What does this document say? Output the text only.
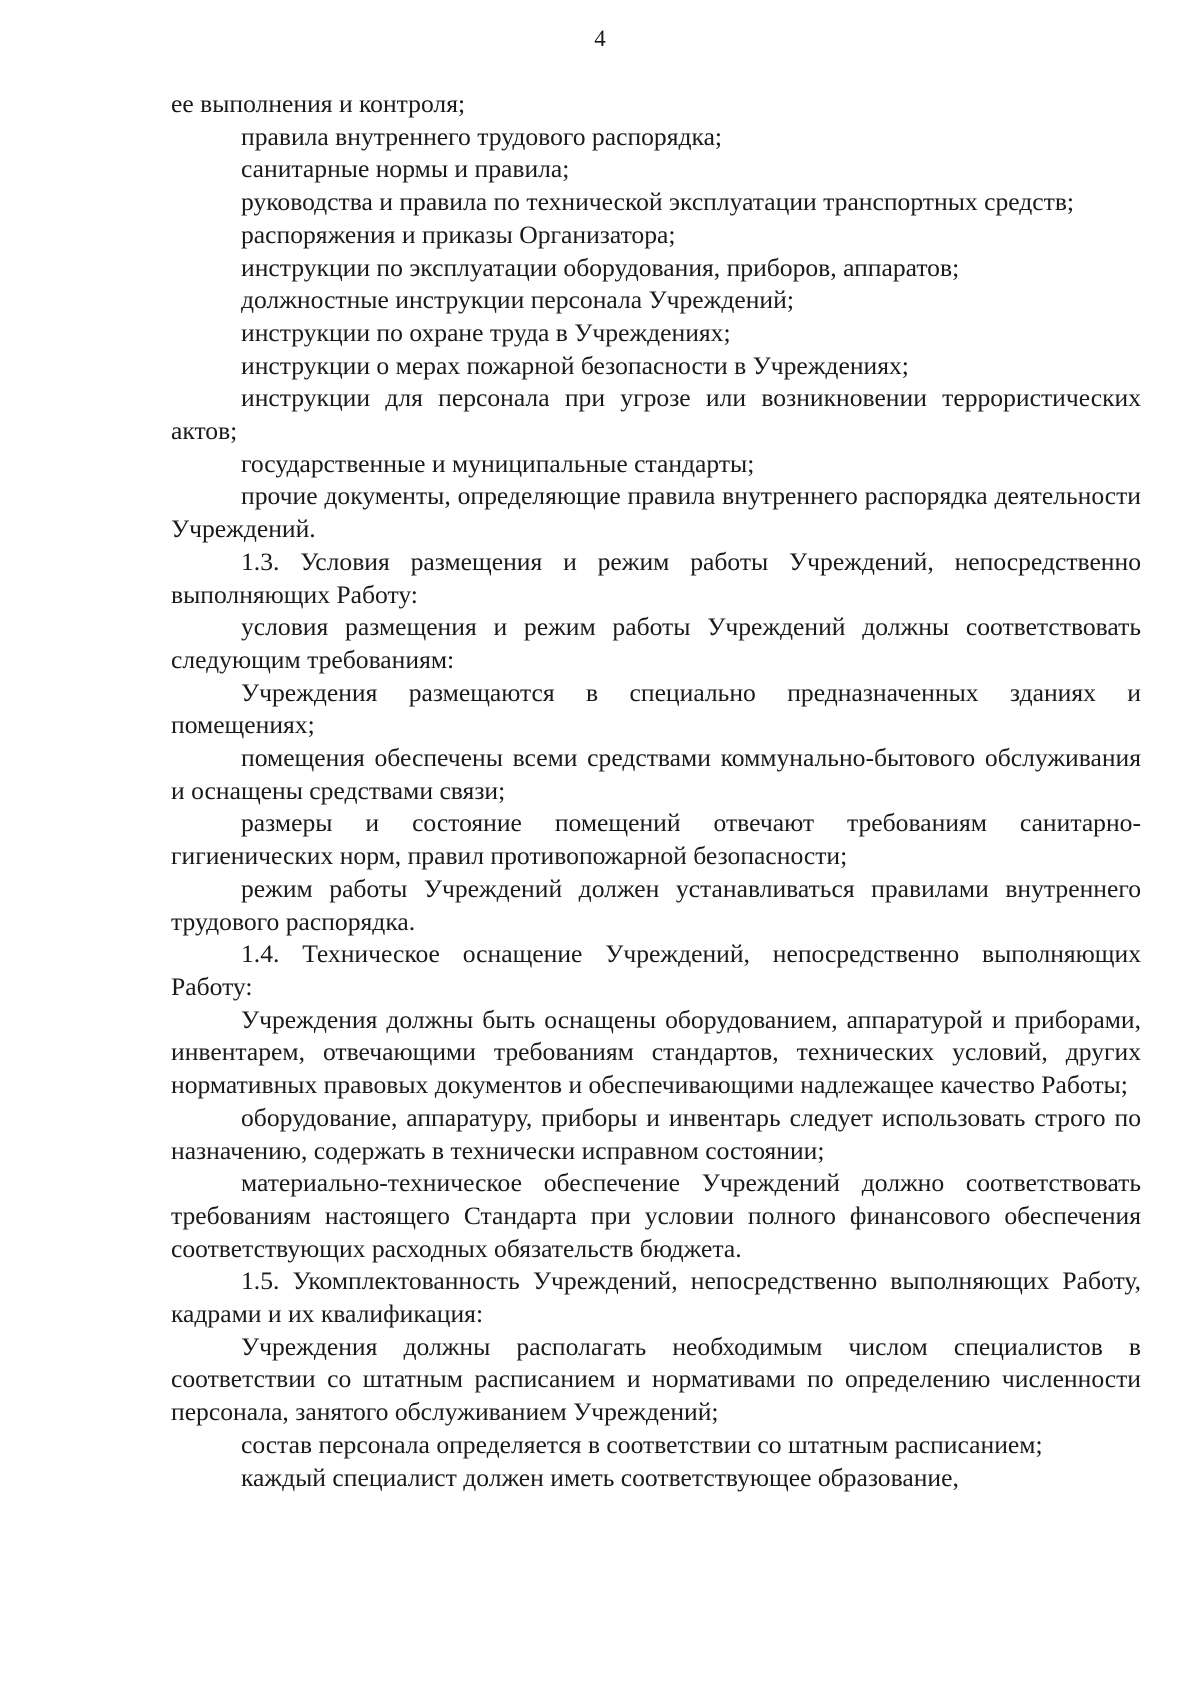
4

ее выполнения и контроля;

правила внутреннего трудового распорядка;

санитарные нормы и правила;

руководства и правила по технической эксплуатации транспортных средств;

распоряжения и приказы Организатора;

инструкции по эксплуатации оборудования, приборов, аппаратов;

должностные инструкции персонала Учреждений;

инструкции по охране труда в Учреждениях;

инструкции о мерах пожарной безопасности в Учреждениях;

инструкции для персонала при угрозе или возникновении террористических актов;

государственные и муниципальные стандарты;

прочие документы, определяющие правила внутреннего распорядка деятельности Учреждений.

1.3. Условия размещения и режим работы Учреждений, непосредственно выполняющих Работу:

условия размещения и режим работы Учреждений должны соответствовать следующим требованиям:

Учреждения размещаются в специально предназначенных зданиях и помещениях;

помещения обеспечены всеми средствами коммунально-бытового обслуживания и оснащены средствами связи;

размеры и состояние помещений отвечают требованиям санитарно-гигиенических норм, правил противопожарной безопасности;

режим работы Учреждений должен устанавливаться правилами внутреннего трудового распорядка.

1.4. Техническое оснащение Учреждений, непосредственно выполняющих Работу:

Учреждения должны быть оснащены оборудованием, аппаратурой и приборами, инвентарем, отвечающими требованиям стандартов, технических условий, других нормативных правовых документов и обеспечивающими надлежащее качество Работы;

оборудование, аппаратуру, приборы и инвентарь следует использовать строго по назначению, содержать в технически исправном состоянии;

материально-техническое обеспечение Учреждений должно соответствовать требованиям настоящего Стандарта при условии полного финансового обеспечения соответствующих расходных обязательств бюджета.

1.5. Укомплектованность Учреждений, непосредственно выполняющих Работу, кадрами и их квалификация:

Учреждения должны располагать необходимым числом специалистов в соответствии со штатным расписанием и нормативами по определению численности персонала, занятого обслуживанием Учреждений;

состав персонала определяется в соответствии со штатным расписанием;

каждый специалист должен иметь соответствующее образование,
